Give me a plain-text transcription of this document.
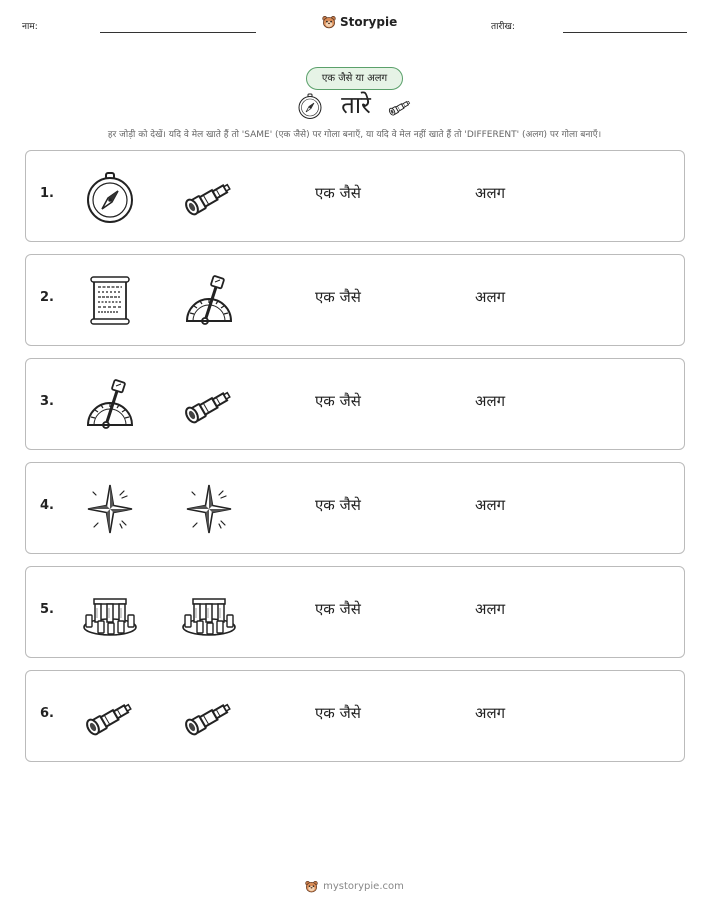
नाम:	Storypie	तारीख:
एक जैसे या अलग
तारे
हर जोड़ी को देखें। यदि वे मेल खाते हैं तो 'SAME' (एक जैसे) पर गोला बनाएँ, या यदि वे मेल नहीं खाते हैं तो 'DIFFERENT' (अलग) पर गोला बनाएँ।
1.	एक जैसे	अलग
2.	एक जैसे	अलग
3.	एक जैसे	अलग
4.	एक जैसे	अलग
5.	एक जैसे	अलग
6.	एक जैसे	अलग
mystorypie.com
